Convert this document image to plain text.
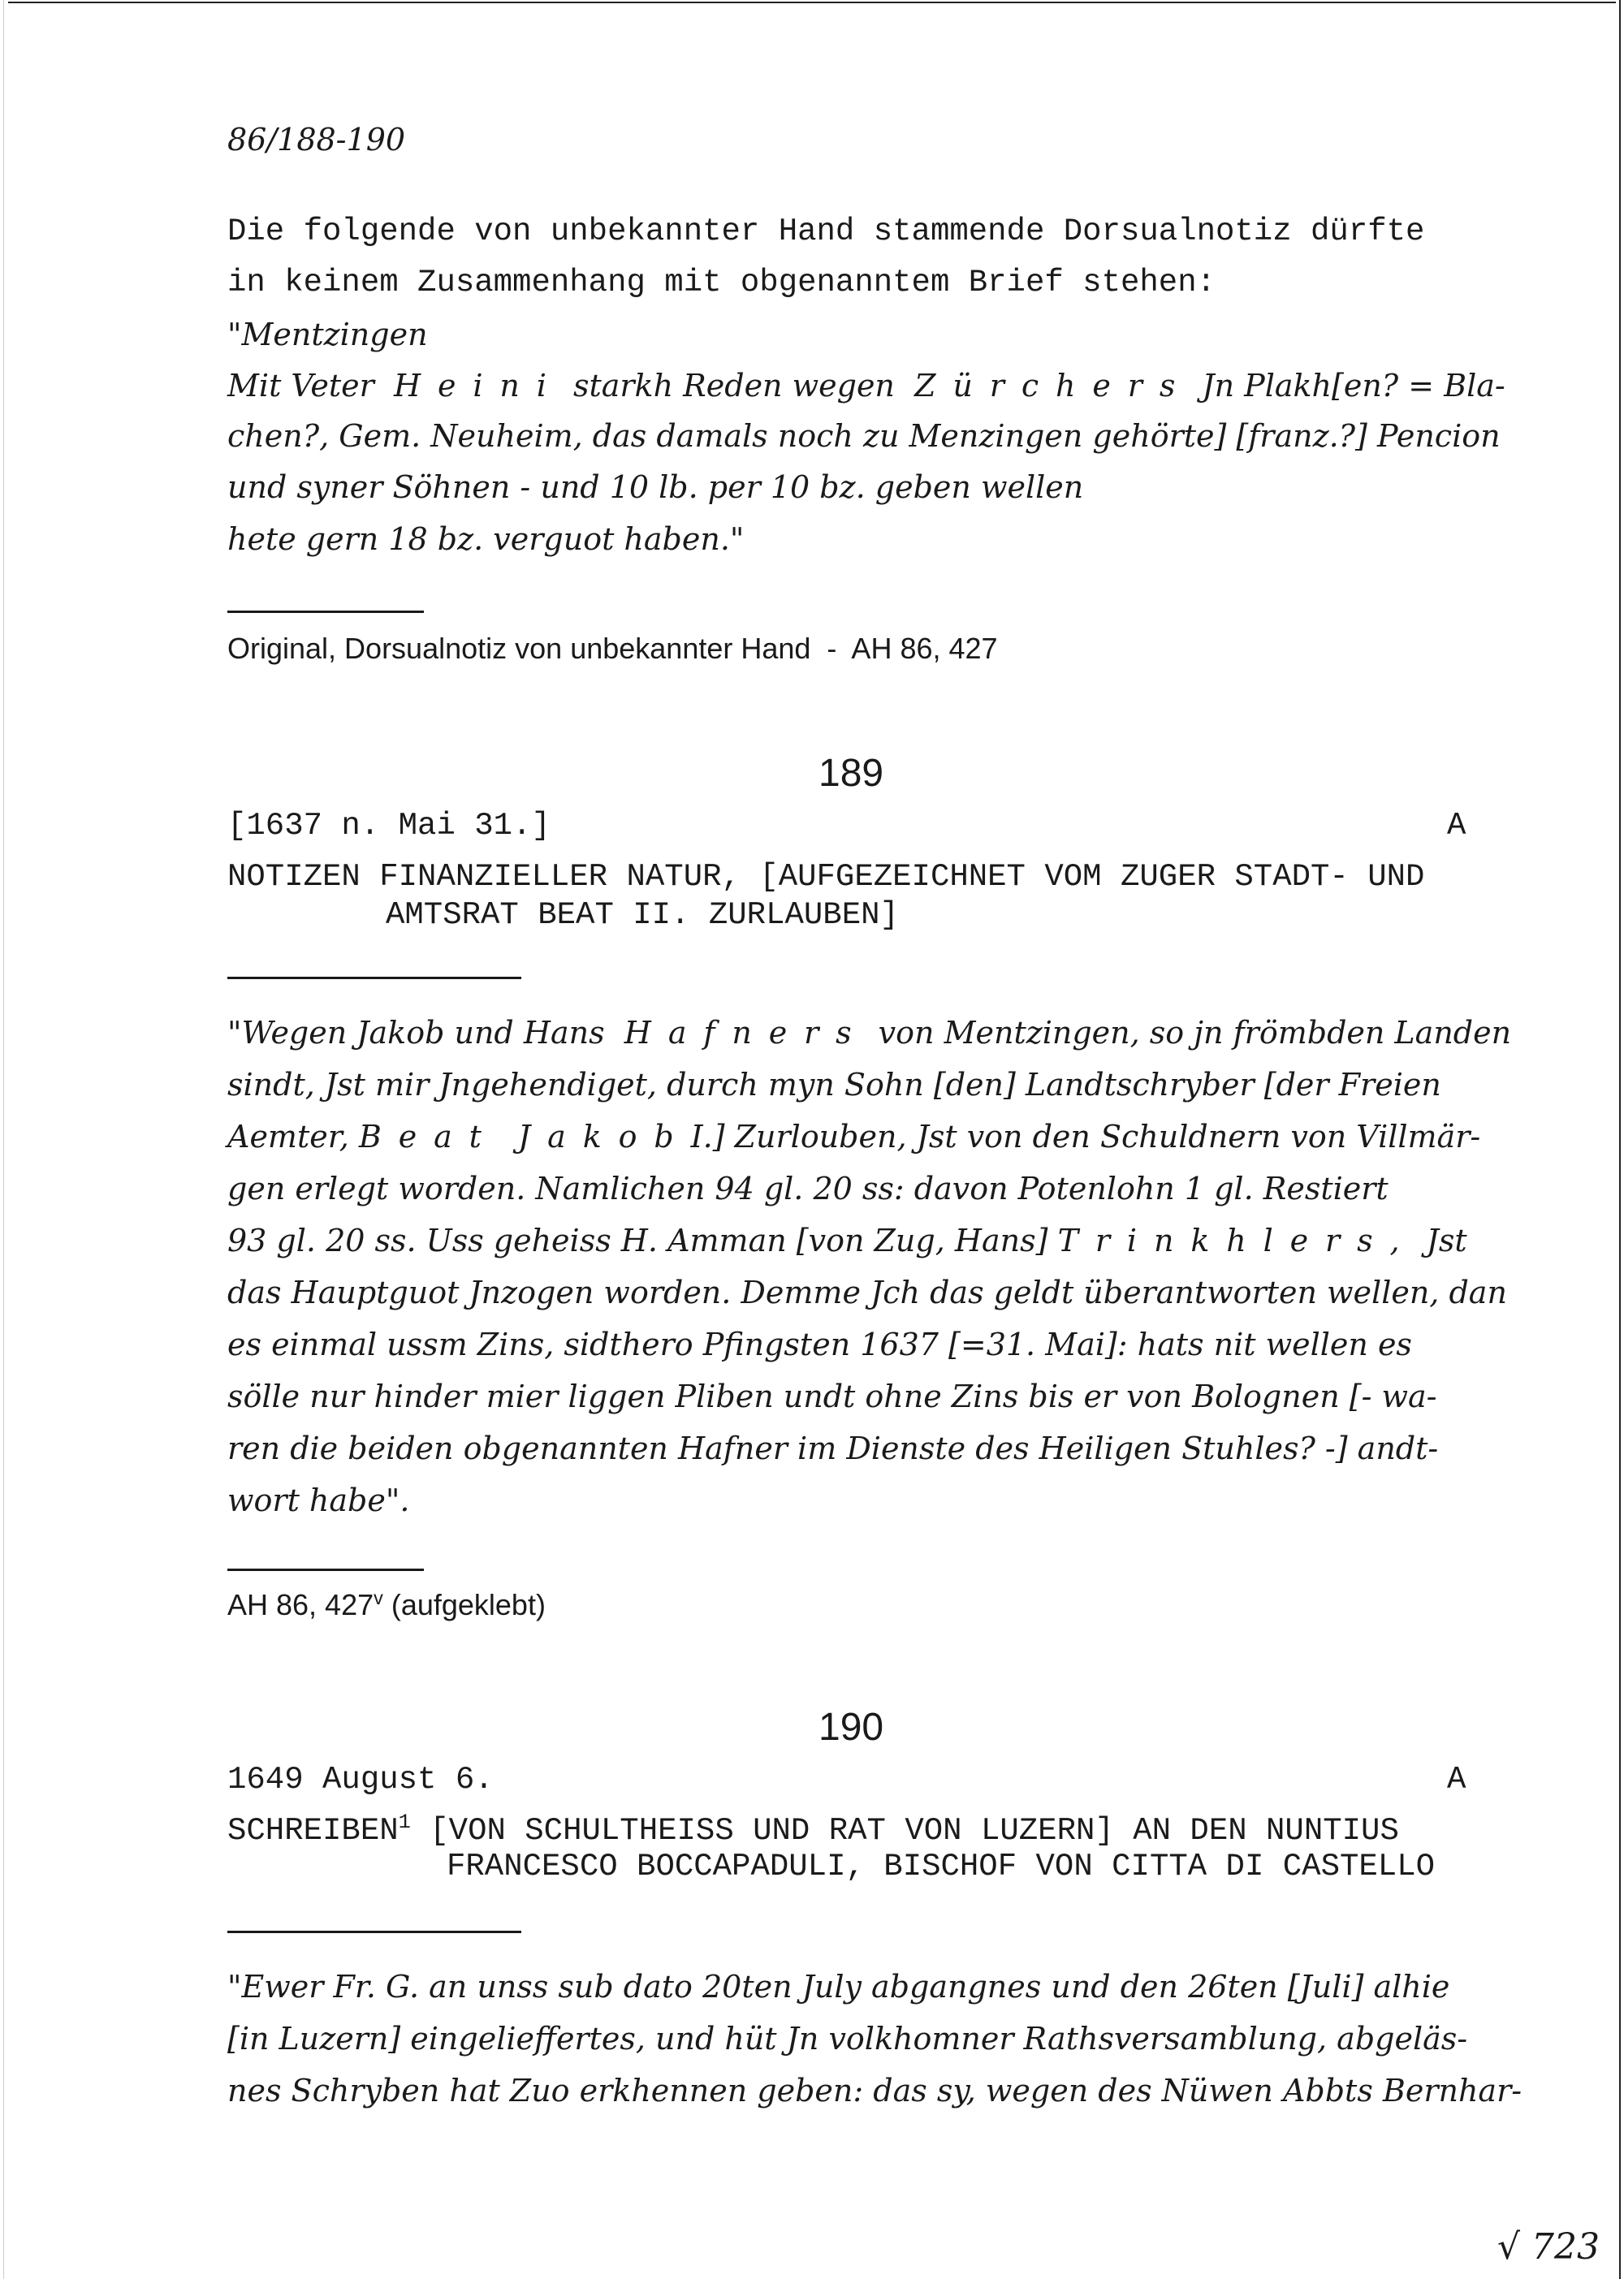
86/188-190
Die folgende von unbekannter Hand stammende Dorsualnotiz dürfte
in keinem Zusammenhang mit obgenanntem Brief stehen:
"Mentzingen
Mit Veter Heini starkh Reden wegen Zürchers Jn Plakh[en? = Bla-
chen?, Gem. Neuheim, das damals noch zu Menzingen gehörte] [franz.?] Pencion
und syner Söhnen - und 10 lb. per 10 bz. geben wellen
hete gern 18 bz. verguot haben."
Original, Dorsualnotiz von unbekannter Hand  -  AH 86, 427
189
[1637 n. Mai 31.]	A
NOTIZEN FINANZIELLER NATUR, [AUFGEZEICHNET VOM ZUGER STADT- UND
AMTSRAT BEAT II. ZURLAUBEN]
"Wegen Jakob und Hans Hafners von Mentzingen, so jn frömbden Landen
sindt, Jst mir Jngehendiget, durch myn Sohn [den] Landtschryber [der Freien
Aemter, Beat JakobI.] Zurlouben, Jst von den Schuldnern von Villmär-
gen erlegt worden. Namlichen 94 gl. 20 ss: davon Potenlohn 1 gl. Restiert
93 gl. 20 ss. Uss geheiss H. Amman [von Zug, Hans] Trinkhlers, Jst
das Hauptguot Jnzogen worden. Demme Jch das geldt überantworten wellen, dan
es einmal ussm Zins, sidthero Pfingsten 1637 [=31. Mai]: hats nit wellen es
sölle nur hinder mier liggen Pliben undt ohne Zins bis er von Bolognen [- wa-
ren die beiden obgenannten Hafner im Dienste des Heiligen Stuhles? -] andt-
wort habe".
AH 86, 427$^v$ (aufgeklebt)
190
1649 August 6.	A
SCHREIBEN$^1$ [VON SCHULTHEISS UND RAT VON LUZERN] AN DEN NUNTIUS
FRANCESCO BOCCAPADULI, BISCHOF VON CITTA DI CASTELLO
"Ewer Fr. G. an unss sub dato 20ten July abgangnes und den 26ten [Juli] alhie
[in Luzern] eingelieffertes, und hüt Jn volkhomner Rathsversamblung, abgeläs-
nes Schryben hat Zuo erkhennen geben: das sy, wegen des Nüwen Abbts Bernhar-
√ 723
